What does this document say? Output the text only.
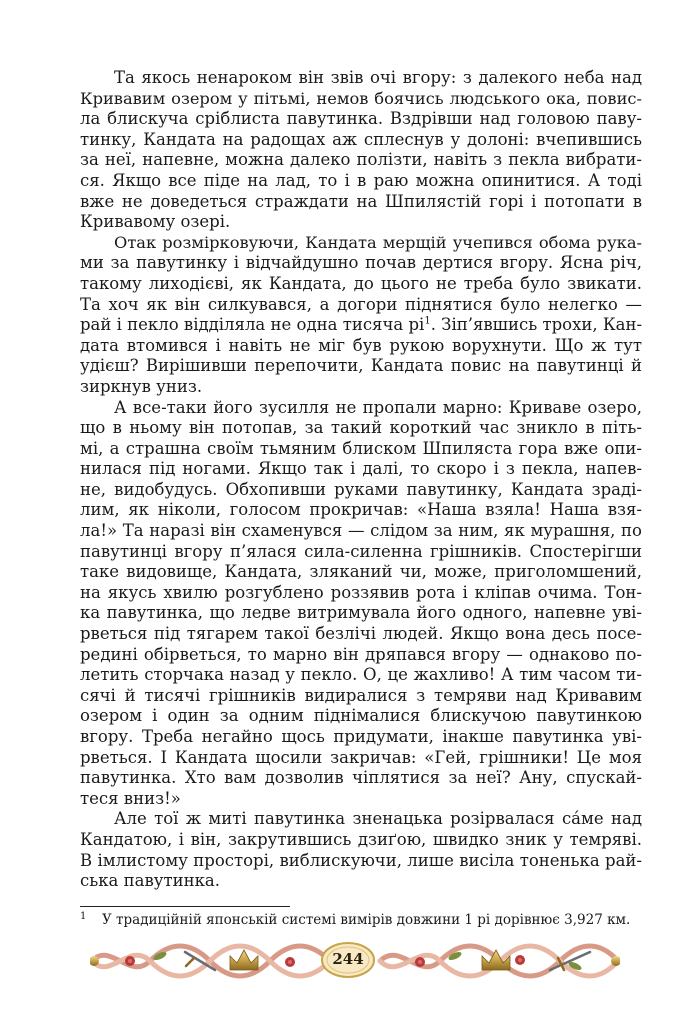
Та якось ненароком він звів очі вгору: з далекого неба над
Кривавим озером у пітьмі, немов боячись людського ока, повис-
ла блискуча сріблиста павутинка. Вздрівши над головою паву-
тинку, Кандата на радощах аж сплеснув у долоні: вчепившись
за неї, напевне, можна далеко полізти, навіть з пекла вибрати-
ся. Якщо все піде на лад, то і в раю можна опинитися. А тоді
вже не доведеться страждати на Шпилястій горі і потопати в
Кривавому озері.

Отак розмірковуючи, Кандата мерщій учепився обома рука-
ми за павутинку і відчайдушно почав дертися вгору. Ясна річ,
такому лиходієві, як Кандата, до цього не треба було звикати.
Та хоч як він силкувався, а догори піднятися було нелегко —
рай і пекло відділяла не одна тисяча $рі^1$. Зіп’явшись трохи, Кан-
дата втомився і навіть не міг був рукою ворухнути. Що ж тут
удієш? Вирішивши перепочити, Кандата повис на павутинці й
зиркнув униз.

А все-таки його зусилля не пропали марно: Криваве озеро,
що в ньому він потопав, за такий короткий час зникло в піть-
мі, а страшна своїм тьмяним блиском Шпиляста гора вже опи-
нилася під ногами. Якщо так і далі, то скоро і з пекла, напев-
не, видобудусь. Обхопивши руками павутинку, Кандата зраді-
лим, як ніколи, голосом прокричав: «Наша взяла! Наша взя-
ла!» Та наразі він схаменувся — слідом за ним, як мурашня, по
павутинці вгору п’ялася сила-силенна грішників. Спостерігши
таке видовище, Кандата, зляканий чи, може, приголомшений,
на якусь хвилю розгублено роззявив рота і кліпав очима. Тон-
ка павутинка, що ледве витримувала його одного, напевне уві-
рветься під тягарем такої безлічі людей. Якщо вона десь посе-
редині обірветься, то марно він дряпався вгору — однаково по-
летить сторчака назад у пекло. О, це жахливо! А тим часом ти-
сячі й тисячі грішників видиралися з темряви над Кривавим
озером і один за одним піднімалися блискучою павутинкою
вгору. Треба негайно щось придумати, інакше павутинка уві-
рветься. І Кандата щосили закричав: «Гей, грішники! Це моя
павутинка. Хто вам дозволив чіплятися за неї? Ану, спускай-
теся вниз!»

Але тої ж миті павутинка зненацька розірвалася са́ме над
Кандатою, і він, закрутившись дзиґою, швидко зник у темряві.
В імлистому просторі, виблискуючи, лише висіла тоненька рай-
ська павутинка.

1 У традиційній японській системі вимірів довжини 1 рі дорівнює 3,927 км.
244
